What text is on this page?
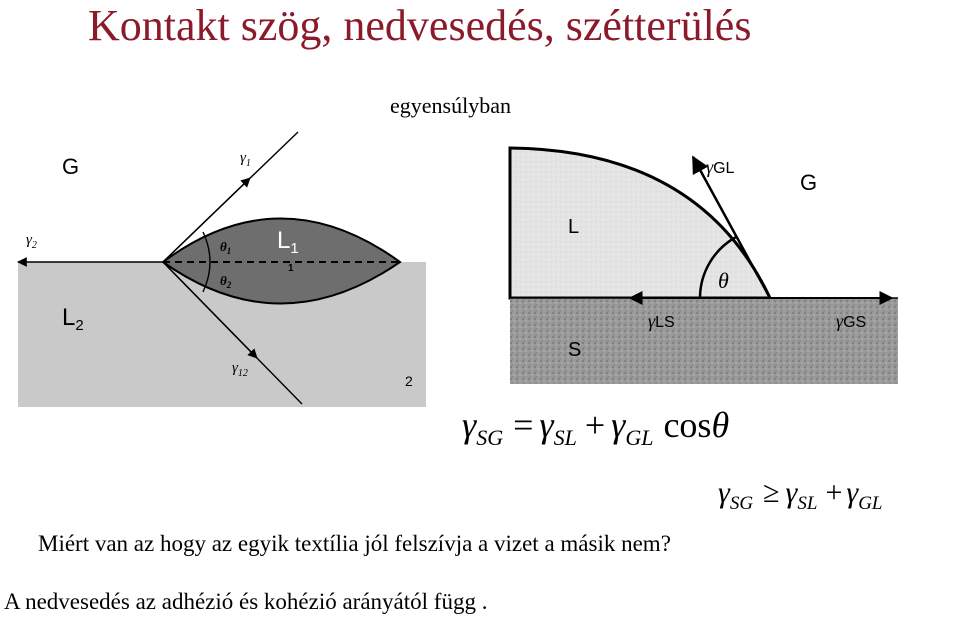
Kontakt szög, nedvesedés, szétterülés
egyensúlyban
G
$L_1$
$L_2$
2
1
$\gamma_1$
$\gamma_2$
$\gamma_{12}$
$\theta_1$
$\theta_2$
G
L
S
θ
γGL
γLS	γGS
$\gamma_{SG} = \gamma_{SL} + \gamma_{GL}$ cosθ
$\gamma_{SG} \ge \gamma_{SL} + \gamma_{GL}$
Miért van az hogy az egyik textília jól felszívja a vizet a másik nem?
A nedvesedés az adhézió és kohézió arányától függ .
